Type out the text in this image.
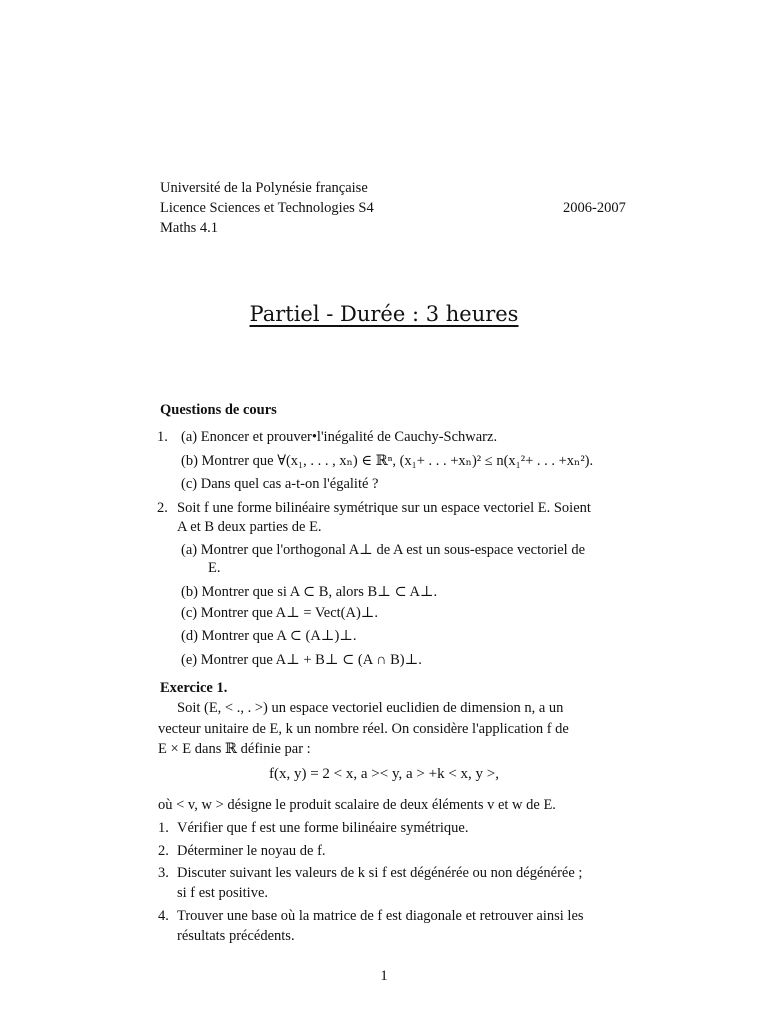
Université de la Polynésie française
Licence Sciences et Technologies S4	2006-2007
Maths 4.1
Partiel - Durée : 3 heures
Questions de cours
1. (a) Enoncer et prouver•l'inégalité de Cauchy-Schwarz.
(b) Montrer que ∀(x₁, . . . , xₙ) ∈ ℝⁿ, (x₁+ . . . +xₙ)² ≤ n(x₁²+ . . . +xₙ²).
(c) Dans quel cas a-t-on l'égalité ?
2. Soit f une forme bilinéaire symétrique sur un espace vectoriel E. Soient
A et B deux parties de E.
(a) Montrer que l'orthogonal A⊥ de A est un sous-espace vectoriel de
E.
(b) Montrer que si A ⊂ B, alors B⊥ ⊂ A⊥.
(c) Montrer que A⊥ = Vect(A)⊥.
(d) Montrer que A ⊂ (A⊥)⊥.
(e) Montrer que A⊥ + B⊥ ⊂ (A ∩ B)⊥.
Exercice 1.
Soit (E, < ., . >) un espace vectoriel euclidien de dimension n, a un
vecteur unitaire de E, k un nombre réel. On considère l'application f de
E × E dans ℝ définie par :
f(x, y) = 2 < x, a >< y, a > +k < x, y >,
où < v, w > désigne le produit scalaire de deux éléments v et w de E.
1. Vérifier que f est une forme bilinéaire symétrique.
2. Déterminer le noyau de f.
3. Discuter suivant les valeurs de k si f est dégénérée ou non dégénérée ;
si f est positive.
4. Trouver une base où la matrice de f est diagonale et retrouver ainsi les
résultats précédents.
1
